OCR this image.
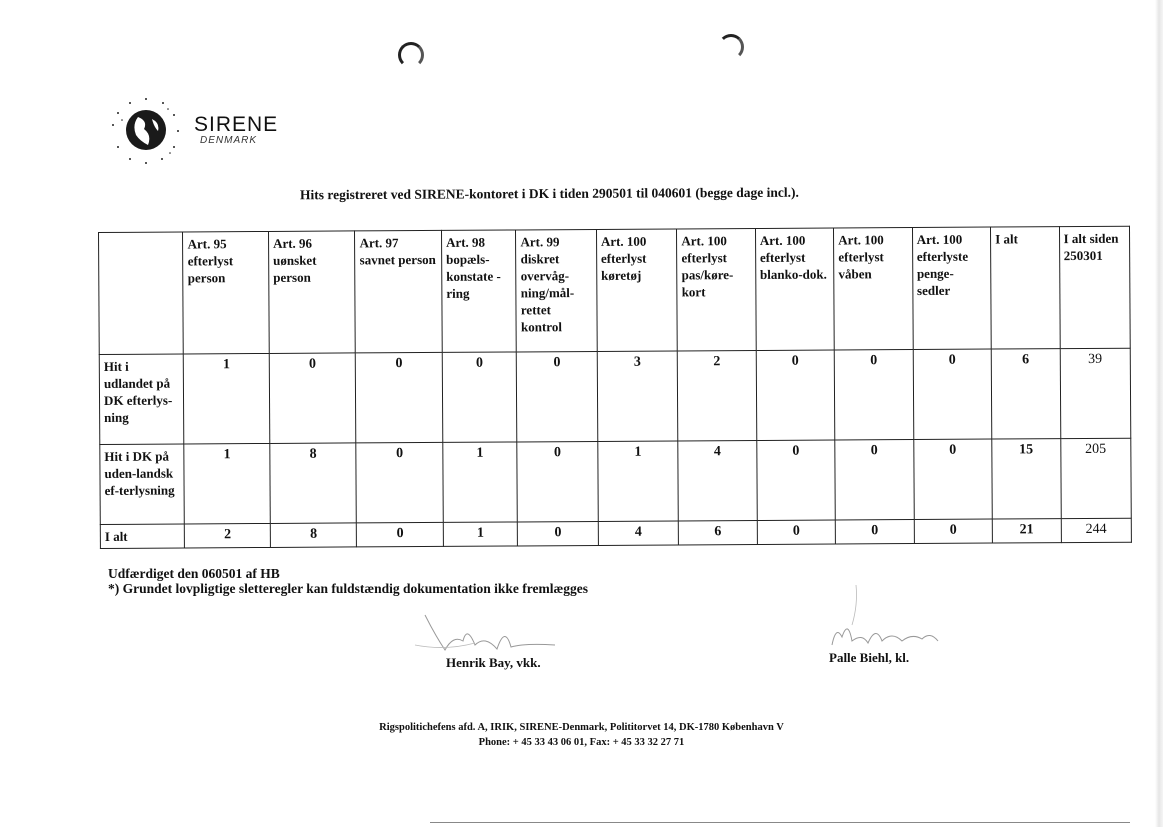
SIRENE
DENMARK
Hits registreret ved SIRENE-kontoret i DK i tiden 290501 til 040601 (begge dage incl.).
	Art. 95 efterlyst person	Art. 96 uønsket person	Art. 97 savnet person	Art. 98 bopæls-konstate -ring	Art. 99 diskret overvåg-ning/mål-rettet kontrol	Art. 100 efterlyst køretøj	Art. 100 efterlyst pas/køre-kort	Art. 100 efterlyst blanko-dok.	Art. 100 efterlyst våben	Art. 100 efterlyste penge-sedler	I alt	I alt siden 250301
Hit i udlandet på DK efterlys-ning	1	0	0	0	0	3	2	0	0	0	6	39
Hit i DK på uden-landsk ef-terlysning	1	8	0	1	0	1	4	0	0	0	15	205
I alt	2	8	0	1	0	4	6	0	0	0	21	244
Udfærdiget den 060501 af HB
*) Grundet lovpligtige sletteregler kan fuldstændig dokumentation ikke fremlægges
Henrik Bay, vkk.	Palle Biehl, kl.
Rigspolitichefens afd. A, IRIK, SIRENE-Denmark, Polititorvet 14, DK-1780 København V
Phone: + 45 33 43 06 01, Fax: + 45 33 32 27 71
